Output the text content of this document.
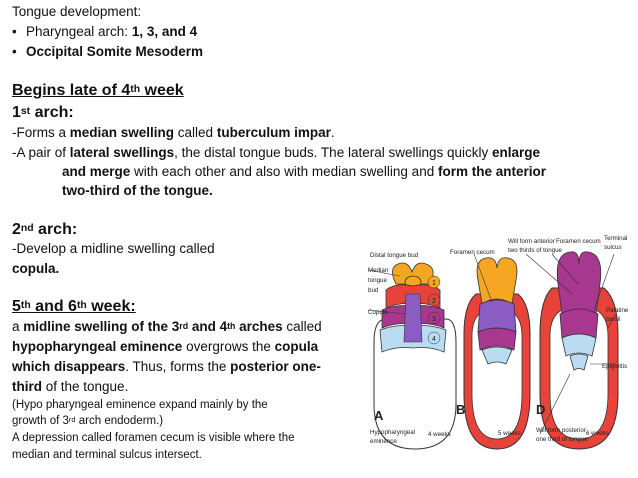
Tongue development:
• Pharyngeal arch: 1, 3, and 4
• Occipital Somite Mesoderm
Begins late of 4th week
1st arch:
-Forms a median swelling called tuberculum impar.
-A pair of lateral swellings, the distal tongue buds. The lateral swellings quickly enlarge
and merge with each other and also with median swelling and form the anterior
two-third of the tongue.
2nd arch:
-Develop a midline swelling called
copula.
5th and 6th week:
a midline swelling of the 3rd and 4th arches called
hypopharyngeal eminence overgrows the copula
which disappears. Thus, forms the posterior one-
third of the tongue.
(Hypo pharyngeal eminence expand mainly by the
growth of 3rd arch endoderm.)
A depression called foramen cecum is visible where the
median and terminal sulcus intersect.
1
2
3
4
Distal tongue bud	Foramen cecum
Will form anterior
two thirds of tongue
Foramen cecum Terminal
sulcus
Median
tongue
bud
Copula	Palatine
tonsil
Epiglottis
Hypopharyngeal
eminence
4 weeks	5 weeks Will form posterior
one third of tongue
6 weeks
A	B	D
